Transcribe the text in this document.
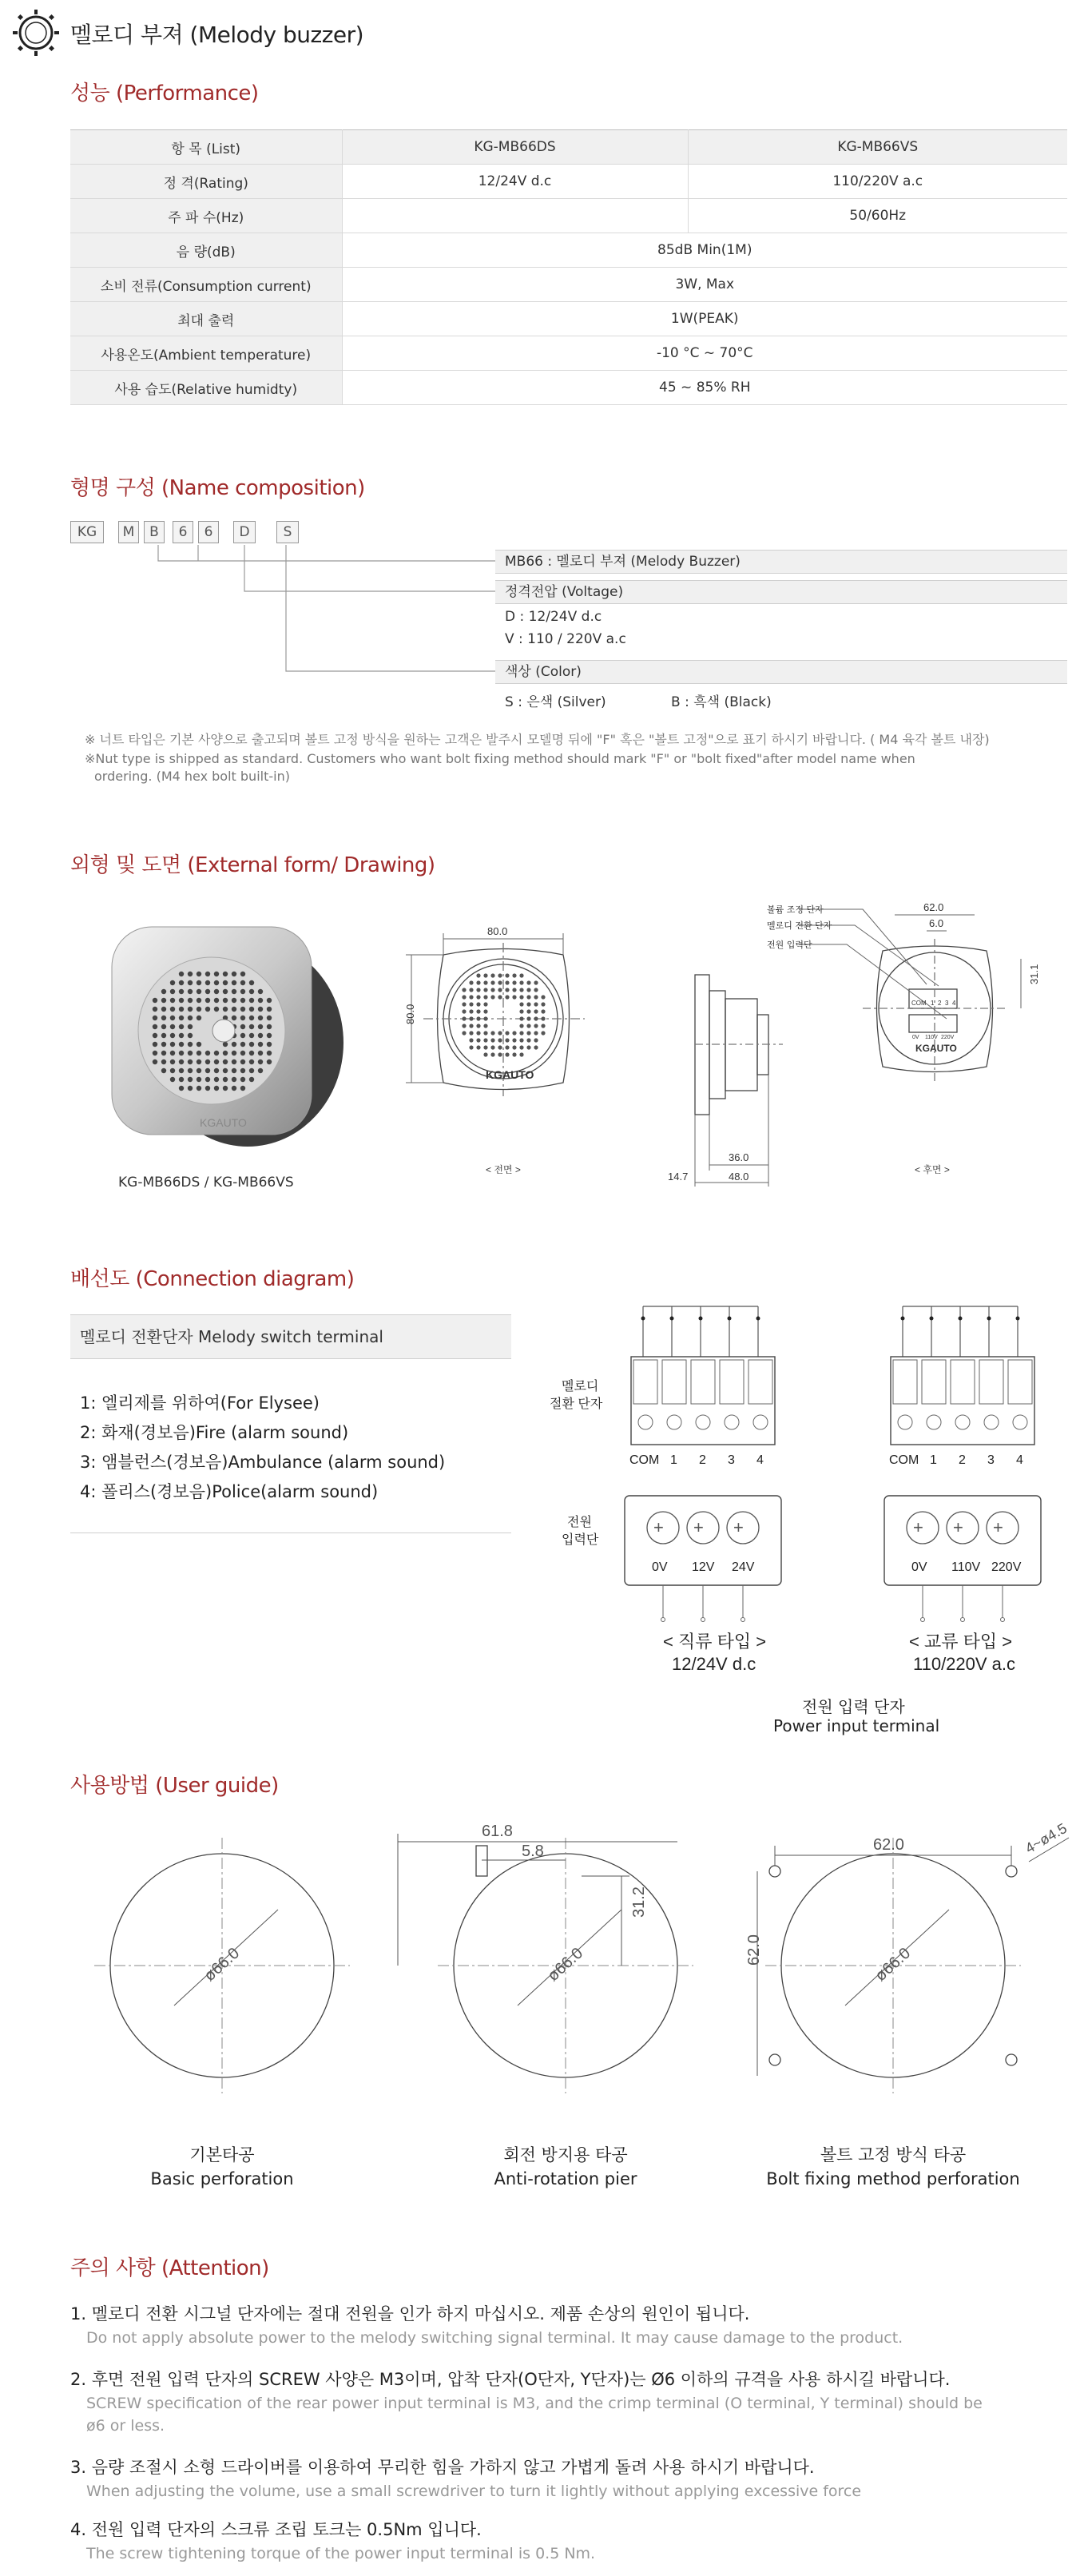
멜로디 부져 (Melody buzzer)
성능 (Performance)
항 목 (List)	KG-MB66DS	KG-MB66VS
정 격(Rating)	12/24V d.c	110/220V a.c
주 파 수(Hz)		50/60Hz
음 량(dB)	85dB Min(1M)	
소비 전류(Consumption current)	3W, Max	
최대 출력	1W(PEAK)	
사용온도(Ambient temperature)	-10 °C ~ 70°C	
사용 습도(Relative humidty)	45 ~ 85% RH	
형명 구성 (Name composition)
KG	M	B	6	6	D	S
MB66 : 멜로디 부져 (Melody Buzzer)
정격전압 (Voltage)
D : 12/24V d.c
V : 110 / 220V a.c
색상 (Color)
S : 은색 (Silver)	B : 흑색 (Black)
※ 너트 타입은 기본 사양으로 출고되며 볼트 고정 방식을 원하는 고객은 발주시 모델명 뒤에 "F" 혹은 "볼트 고정"으로 표기 하시기 바랍니다. ( M4 육각 볼트 내장)
※Nut type is shipped as standard. Customers who want bolt fixing method should mark "F" or "bolt fixed"after model name when
ordering. (M4 hex bolt built-in)
외형 및 도면 (External form/ Drawing)
KGAUTO
KG-MB66DS / KG-MB66VS
80.0
80.0
KGAUTO
< 전면 >
36.0
48.0
14.7
볼륨 조정 단자
멜로디 전환 단자
전원 입력단
62.0
6.0
31.1
COM 1 2 3 4
0V 110V 220V
KGAUTO
< 후면 >
배선도 (Connection diagram)
멜로디 전환단자 Melody switch terminal
1: 엘리제를 위하여(For Elysee)
2: 화재(경보음)Fire (alarm sound)
3: 앰블런스(경보음)Ambulance (alarm sound)
4: 폴리스(경보음)Police(alarm sound)
멜로디
절환 단자
전원
입력단
COM 1 2 3 4
+
0V
+
12V
+
24V
COM 1 2 3 4
+
0V
+
110V
+
220V
< 직류 타입 >
12/24V d.c
< 교류 타입 >
110/220V a.c
전원 입력 단자
Power input terminal
사용방법 (User guide)
ø66.0	ø66.0	ø66.0
61.8
5.8
31.2
62.0
62.0
4~ø4.5
기본타공
Basic perforation
회전 방지용 타공
Anti-rotation pier
볼트 고정 방식 타공
Bolt fixing method perforation
주의 사항 (Attention)
1. 멜로디 전환 시그널 단자에는 절대 전원을 인가 하지 마십시오. 제품 손상의 원인이 됩니다.
Do not apply absolute power to the melody switching signal terminal. It may cause damage to the product.
2. 후면 전원 입력 단자의 SCREW 사양은 M3이며, 압착 단자(O단자, Y단자)는 Ø6 이하의 규격을 사용 하시길 바랍니다.
SCREW specification of the rear power input terminal is M3, and the crimp terminal (O terminal, Y terminal) should be ø6 or less.
3. 음량 조절시 소형 드라이버를 이용하여 무리한 힘을 가하지 않고 가볍게 돌려 사용 하시기 바랍니다.
When adjusting the volume, use a small screwdriver to turn it lightly without applying excessive force
4. 전원 입력 단자의 스크류 조립 토크는 0.5Nm 입니다.
The screw tightening torque of the power input terminal is 0.5 Nm.
